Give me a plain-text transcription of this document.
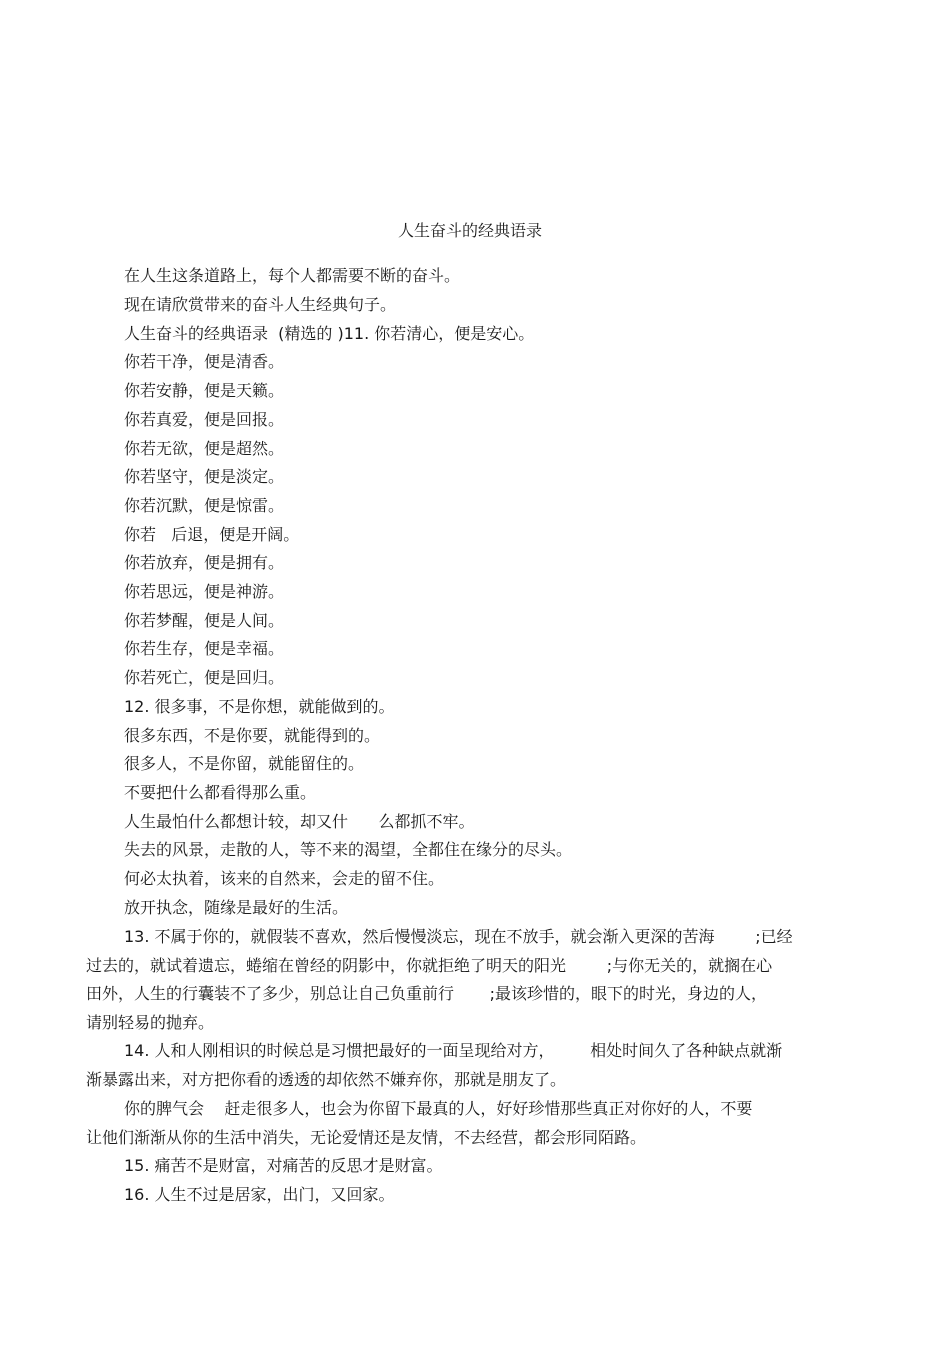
人生奋斗的经典语录
在人生这条道路上，每个人都需要不断的奋斗。
现在请欣赏带来的奋斗人生经典句子。
人生奋斗的经典语录  (精选的 )11. 你若清心，便是安心。
你若干净，便是清香。
你若安静，便是天籁。
你若真爱，便是回报。
你若无欲，便是超然。
你若坚守，便是淡定。
你若沉默，便是惊雷。
你若   后退，便是开阔。
你若放弃，便是拥有。
你若思远，便是神游。
你若梦醒，便是人间。
你若生存，便是幸福。
你若死亡，便是回归。
12. 很多事，不是你想，就能做到的。
很多东西，不是你要，就能得到的。
很多人，不是你留，就能留住的。
不要把什么都看得那么重。
人生最怕什么都想计较，却又什      么都抓不牢。
失去的风景，走散的人，等不来的渴望，全都住在缘分的尽头。
何必太执着，该来的自然来，会走的留不住。
放开执念，随缘是最好的生活。
13. 不属于你的，就假装不喜欢，然后慢慢淡忘，现在不放手，就会渐入更深的苦海        ;已经
过去的，就试着遗忘，蜷缩在曾经的阴影中，你就拒绝了明天的阳光        ;与你无关的，就搁在心
田外，人生的行囊装不了多少，别总让自己负重前行       ;最该珍惜的，眼下的时光，身边的人，
请别轻易的抛弃。
14. 人和人刚相识的时候总是习惯把最好的一面呈现给对方，       相处时间久了各种缺点就渐
渐暴露出来，对方把你看的透透的却依然不嫌弃你，那就是朋友了。
你的脾气会    赶走很多人，也会为你留下最真的人，好好珍惜那些真正对你好的人，不要
让他们渐渐从你的生活中消失，无论爱情还是友情，不去经营，都会形同陌路。
15. 痛苦不是财富，对痛苦的反思才是财富。
16. 人生不过是居家，出门，又回家。
